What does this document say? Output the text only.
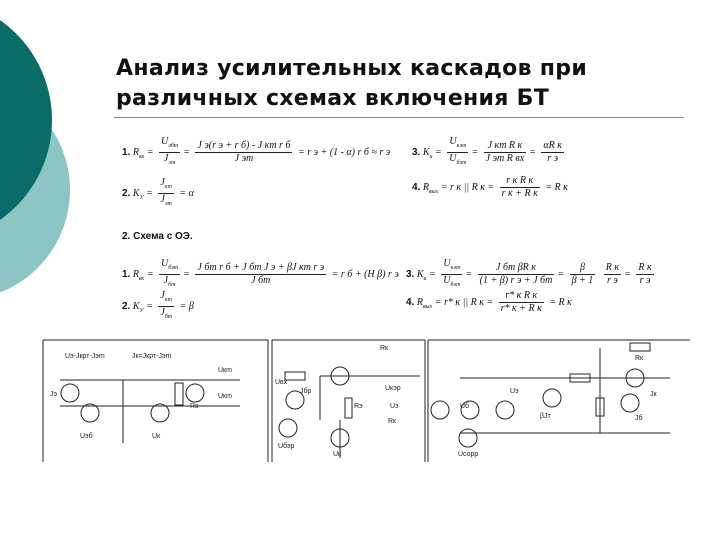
Анализ усилительных каскадов при
различных схемах включения БТ
1. $R_{вх} = \frac{U_{эбm}}{J_{эm}} = \frac{\text{J э(r э + r б) - J кm r б}}{\text{J эm}} = r$ э + (1 - α) r б ≈ r э
2. $K_У = \frac{J_{кm}}{J_{эm}} = \alpha$
3. $K_u = \frac{U_{кэm}}{U_{бэm}} = \frac{\text{J кm R к}}{\text{J эm R вх}} = \frac{\text{αR к}}{\text{r э}}$
4. $R_{вых} = r$ к || R $к = \frac{\text{r к R к}}{\text{r к + R к}} = R$ к
2. Схема с ОЭ.
1. $R_{вх} = \frac{U_{бэm}}{J_{бm}} = \frac{\text{J бm r б + J бm J э + βJ кm r э}}{\text{J бm}} = r$ б + (H β) r э
2. $K_У = \frac{J_{кm}}{J_{бm}} = \beta$
3. $K_u = \frac{U_{кэm}}{U_{бэm}} = \frac{\text{J бm βR к}}{\text{(1 + β) r э + J бm}} = \frac{\beta}{\beta + 1}$
$\frac{\text{R к}}{\text{r э}} = \frac{\text{R к}}{\text{r э}}$
4. $R_{вых} = r*$ к || R $к = \frac{\text{r* к R к}}{\text{r* к + R к}} = R$ к
Uэ-Jкрт-Jэm
Jэ
Jк=Jкрт-Jэm
Uкm
Rэ
Uкm
Uэб	Uк
Rк
Uвх
Jбр
Rэ
Uкэр
Uбэр
Uк
Rк
Uэ
Rк
Uэ	Jк
βJт	Jб
Uб
Uсорр
